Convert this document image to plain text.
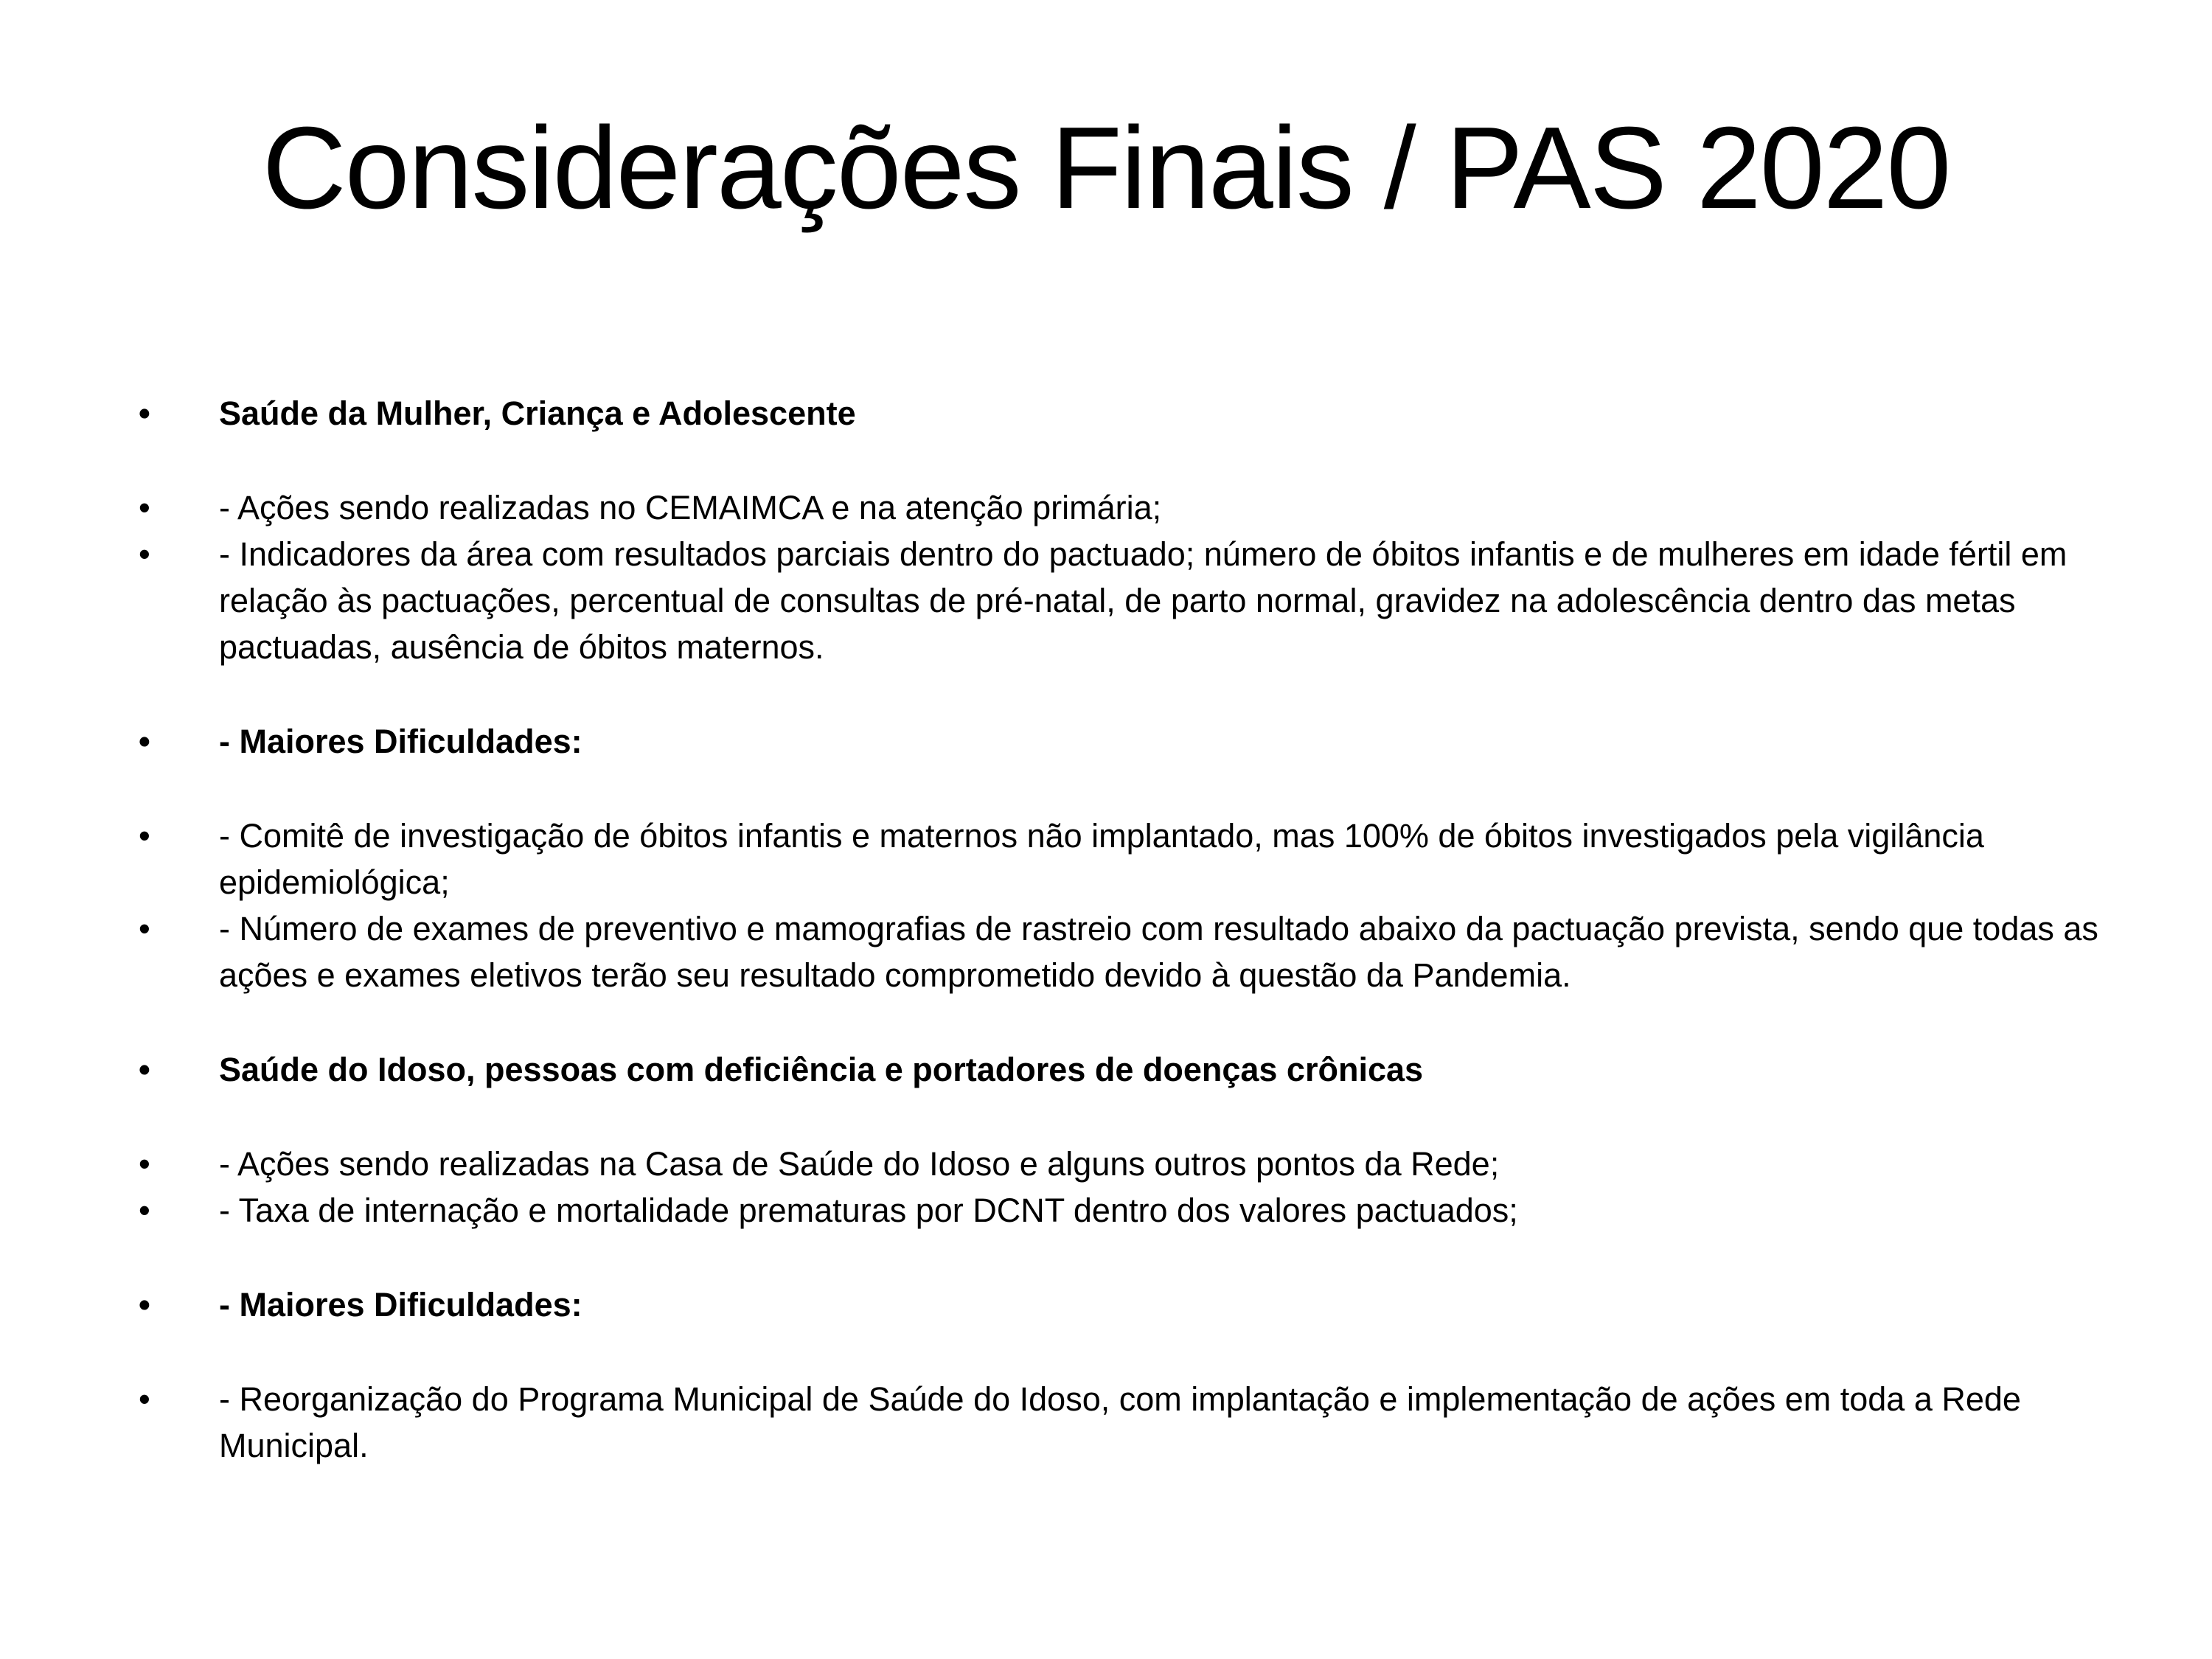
Considerações Finais / PAS 2020
• Saúde da Mulher, Criança e Adolescente
• - Ações sendo realizadas no CEMAIMCA e na atenção primária;
• - Indicadores da área com resultados parciais dentro do pactuado; número de óbitos infantis e de mulheres em idade fértil em relação às pactuações, percentual de consultas de pré-natal, de parto normal, gravidez na adolescência dentro das metas pactuadas, ausência de óbitos maternos.
• - Maiores Dificuldades:
• - Comitê de investigação de óbitos infantis e maternos não implantado, mas 100% de óbitos investigados pela vigilância epidemiológica;
• - Número de exames de preventivo e mamografias de rastreio com resultado abaixo da pactuação prevista, sendo que todas as ações e exames eletivos terão seu resultado comprometido devido à questão da Pandemia.
• Saúde do Idoso, pessoas com deficiência e portadores de doenças crônicas
• - Ações sendo realizadas na Casa de Saúde do Idoso e alguns outros pontos da Rede;
• - Taxa de internação e mortalidade prematuras por DCNT dentro dos valores pactuados;
• - Maiores Dificuldades:
• - Reorganização do Programa Municipal de Saúde do Idoso, com implantação e implementação de ações em toda a Rede Municipal.
